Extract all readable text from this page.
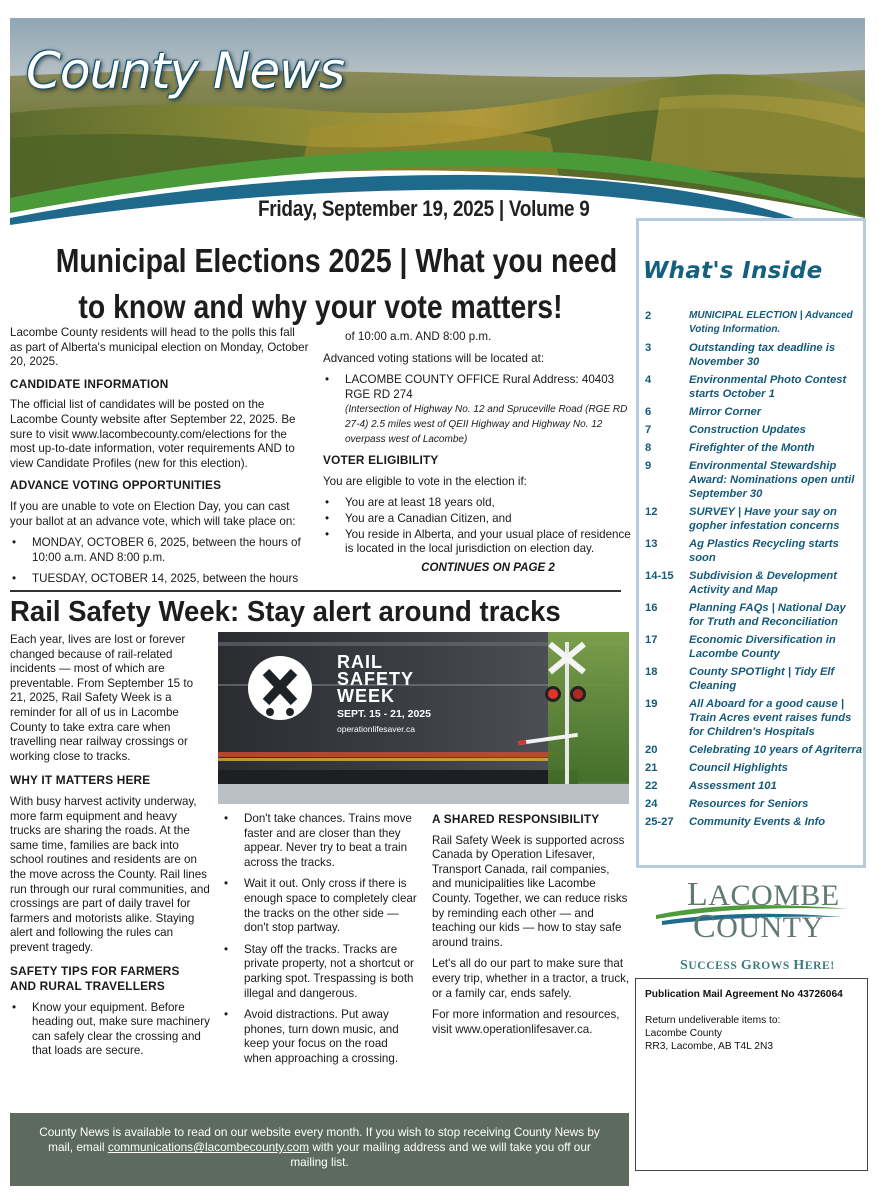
County News
Friday, September 19, 2025 | Volume 9
Municipal Elections 2025 | What you need
to know and why your vote matters!

Lacombe County residents will head to the polls this fall as part of Alberta's municipal election on Monday, October 20, 2025.

CANDIDATE INFORMATION

The official list of candidates will be posted on the Lacombe County website after September 22, 2025. Be sure to visit www.lacombecounty.com/elections for the most up-to-date information, voter requirements AND to view Candidate Profiles (new for this election).

ADVANCE VOTING OPPORTUNITIES

If you are unable to vote on Election Day, you can cast your ballot at an advance vote, which will take place on:

• MONDAY, OCTOBER 6, 2025, between the hours of 10:00 a.m. AND 8:00 p.m.
• TUESDAY, OCTOBER 14, 2025, between the hours

of 10:00 a.m. AND 8:00 p.m.

Advanced voting stations will be located at:

• LACOMBE COUNTY OFFICE Rural Address: 40403 RGE RD 274
(Intersection of Highway No. 12 and Spruceville Road (RGE RD 27-4) 2.5 miles west of QEII Highway and Highway No. 12 overpass west of Lacombe)

VOTER ELIGIBILITY

You are eligible to vote in the election if:

• You are at least 18 years old,
• You are a Canadian Citizen, and
• You reside in Alberta, and your usual place of residence is located in the local jurisdiction on election day.

CONTINUES ON PAGE 2

Rail Safety Week: Stay alert around tracks

Each year, lives are lost or forever changed because of rail-related incidents — most of which are preventable. From September 15 to 21, 2025, Rail Safety Week is a reminder for all of us in Lacombe County to take extra care when travelling near railway crossings or working close to tracks.

WHY IT MATTERS HERE

With busy harvest activity underway, more farm equipment and heavy trucks are sharing the roads. At the same time, families are back into school routines and residents are on the move across the County. Rail lines run through our rural communities, and crossings are part of daily travel for farmers and motorists alike. Staying alert and following the rules can prevent tragedy.

SAFETY TIPS FOR FARMERS
AND RURAL TRAVELLERS

• Know your equipment. Before heading out, make sure machinery can safely clear the crossing and that loads are secure.
RAIL
SAFETY
WEEK
SEPT. 15 - 21, 2025
operationlifesaver.ca
• Don't take chances. Trains move faster and are closer than they appear. Never try to beat a train across the tracks.
• Wait it out. Only cross if there is enough space to completely clear the tracks on the other side — don't stop partway.
• Stay off the tracks. Tracks are private property, not a shortcut or parking spot. Trespassing is both illegal and dangerous.
• Avoid distractions. Put away phones, turn down music, and keep your focus on the road when approaching a crossing.

A SHARED RESPONSIBILITY

Rail Safety Week is supported across Canada by Operation Lifesaver, Transport Canada, rail companies, and municipalities like Lacombe County. Together, we can reduce risks by reminding each other — and teaching our kids — how to stay safe around trains.

Let's all do our part to make sure that every trip, whether in a tractor, a truck, or a family car, ends safely.

For more information and resources, visit www.operationlifesaver.ca.

County News is available to read on our website every month. If you wish to stop receiving County News by mail, email communications@lacombecounty.com with your mailing address and we will take you off our mailing list.
What's Inside
2	MUNICIPAL ELECTION | Advanced Voting Information.
3	Outstanding tax deadline is November 30
4	Environmental Photo Contest starts October 1
6	Mirror Corner
7	Construction Updates
8	Firefighter of the Month
9	Environmental Stewardship Award: Nominations open until September 30
12	SURVEY | Have your say on gopher infestation concerns
13	Ag Plastics Recycling starts soon
14-15	Subdivision & Development Activity and Map
16	Planning FAQs | National Day for Truth and Reconciliation
17	Economic Diversification in Lacombe County
18	County SPOTlight | Tidy Elf Cleaning
19	All Aboard for a good cause | Train Acres event raises funds for Children's Hospitals
20	Celebrating 10 years of Agriterra
21	Council Highlights
22	Assessment 101
24	Resources for Seniors
25-27	Community Events & Info
LACOMBE
COUNTY
SUCCESS GROWS HERE!
Publication Mail Agreement No 43726064
Return undeliverable items to:
Lacombe County
RR3, Lacombe, AB T4L 2N3
